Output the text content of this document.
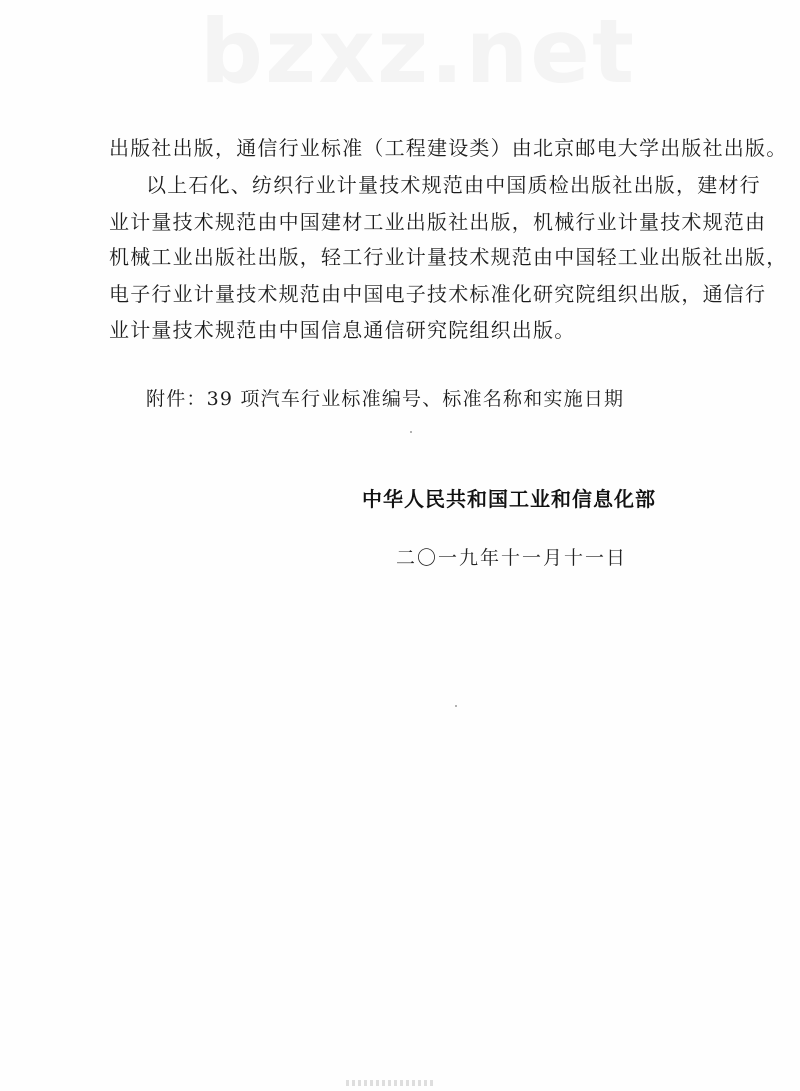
bzxz.net
出版社出版，通信行业标准（工程建设类）由北京邮电大学出版社出版。
以上石化、纺织行业计量技术规范由中国质检出版社出版，建材行
业计量技术规范由中国建材工业出版社出版，机械行业计量技术规范由
机械工业出版社出版，轻工行业计量技术规范由中国轻工业出版社出版，
电子行业计量技术规范由中国电子技术标准化研究院组织出版，通信行
业计量技术规范由中国信息通信研究院组织出版。
附件：39 项汽车行业标准编号、标准名称和实施日期
中华人民共和国工业和信息化部
二〇一九年十一月十一日
